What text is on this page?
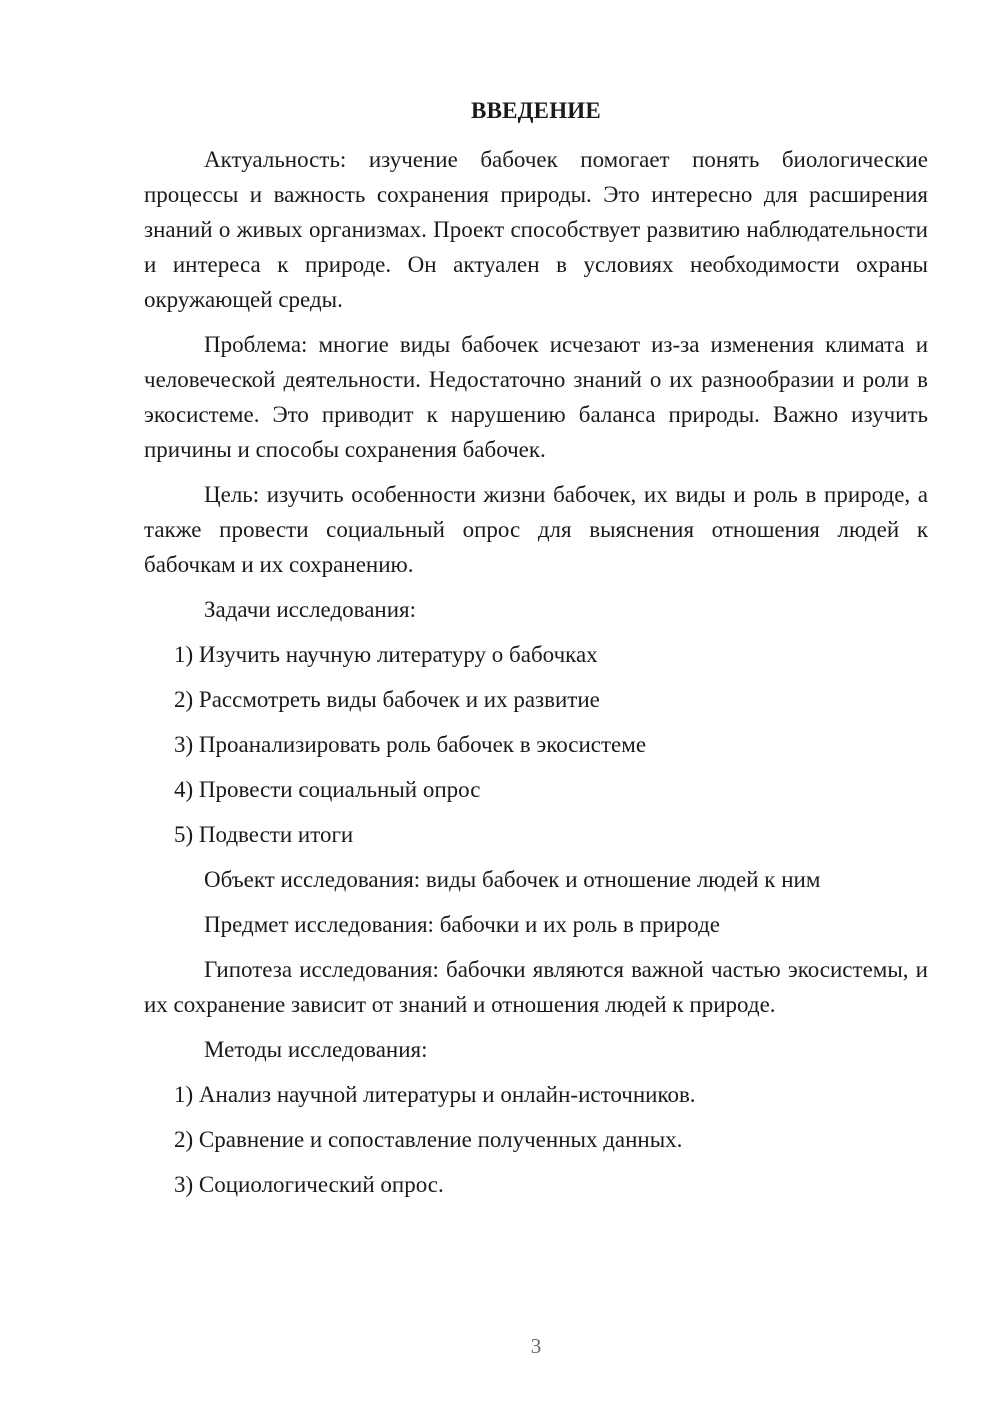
ВВЕДЕНИЕ

Актуальность: изучение бабочек помогает понять биологические процессы и важность сохранения природы. Это интересно для расширения знаний о живых организмах. Проект способствует развитию наблюдательности и интереса к природе. Он актуален в условиях необходимости охраны окружающей среды.

Проблема: многие виды бабочек исчезают из-за изменения климата и человеческой деятельности. Недостаточно знаний о их разнообразии и роли в экосистеме. Это приводит к нарушению баланса природы. Важно изучить причины и способы сохранения бабочек.

Цель: изучить особенности жизни бабочек, их виды и роль в природе, а также провести социальный опрос для выяснения отношения людей к бабочкам и их сохранению.

Задачи исследования:

1) Изучить научную литературу о бабочках

2) Рассмотреть виды бабочек и их развитие

3) Проанализировать роль бабочек в экосистеме

4) Провести социальный опрос

5) Подвести итоги

Объект исследования: виды бабочек и отношение людей к ним

Предмет исследования: бабочки и их роль в природе

Гипотеза исследования: бабочки являются важной частью экосистемы, и их сохранение зависит от знаний и отношения людей к природе.

Методы исследования:

1) Анализ научной литературы и онлайн-источников.

2) Сравнение и сопоставление полученных данных.

3) Социологический опрос.

3
